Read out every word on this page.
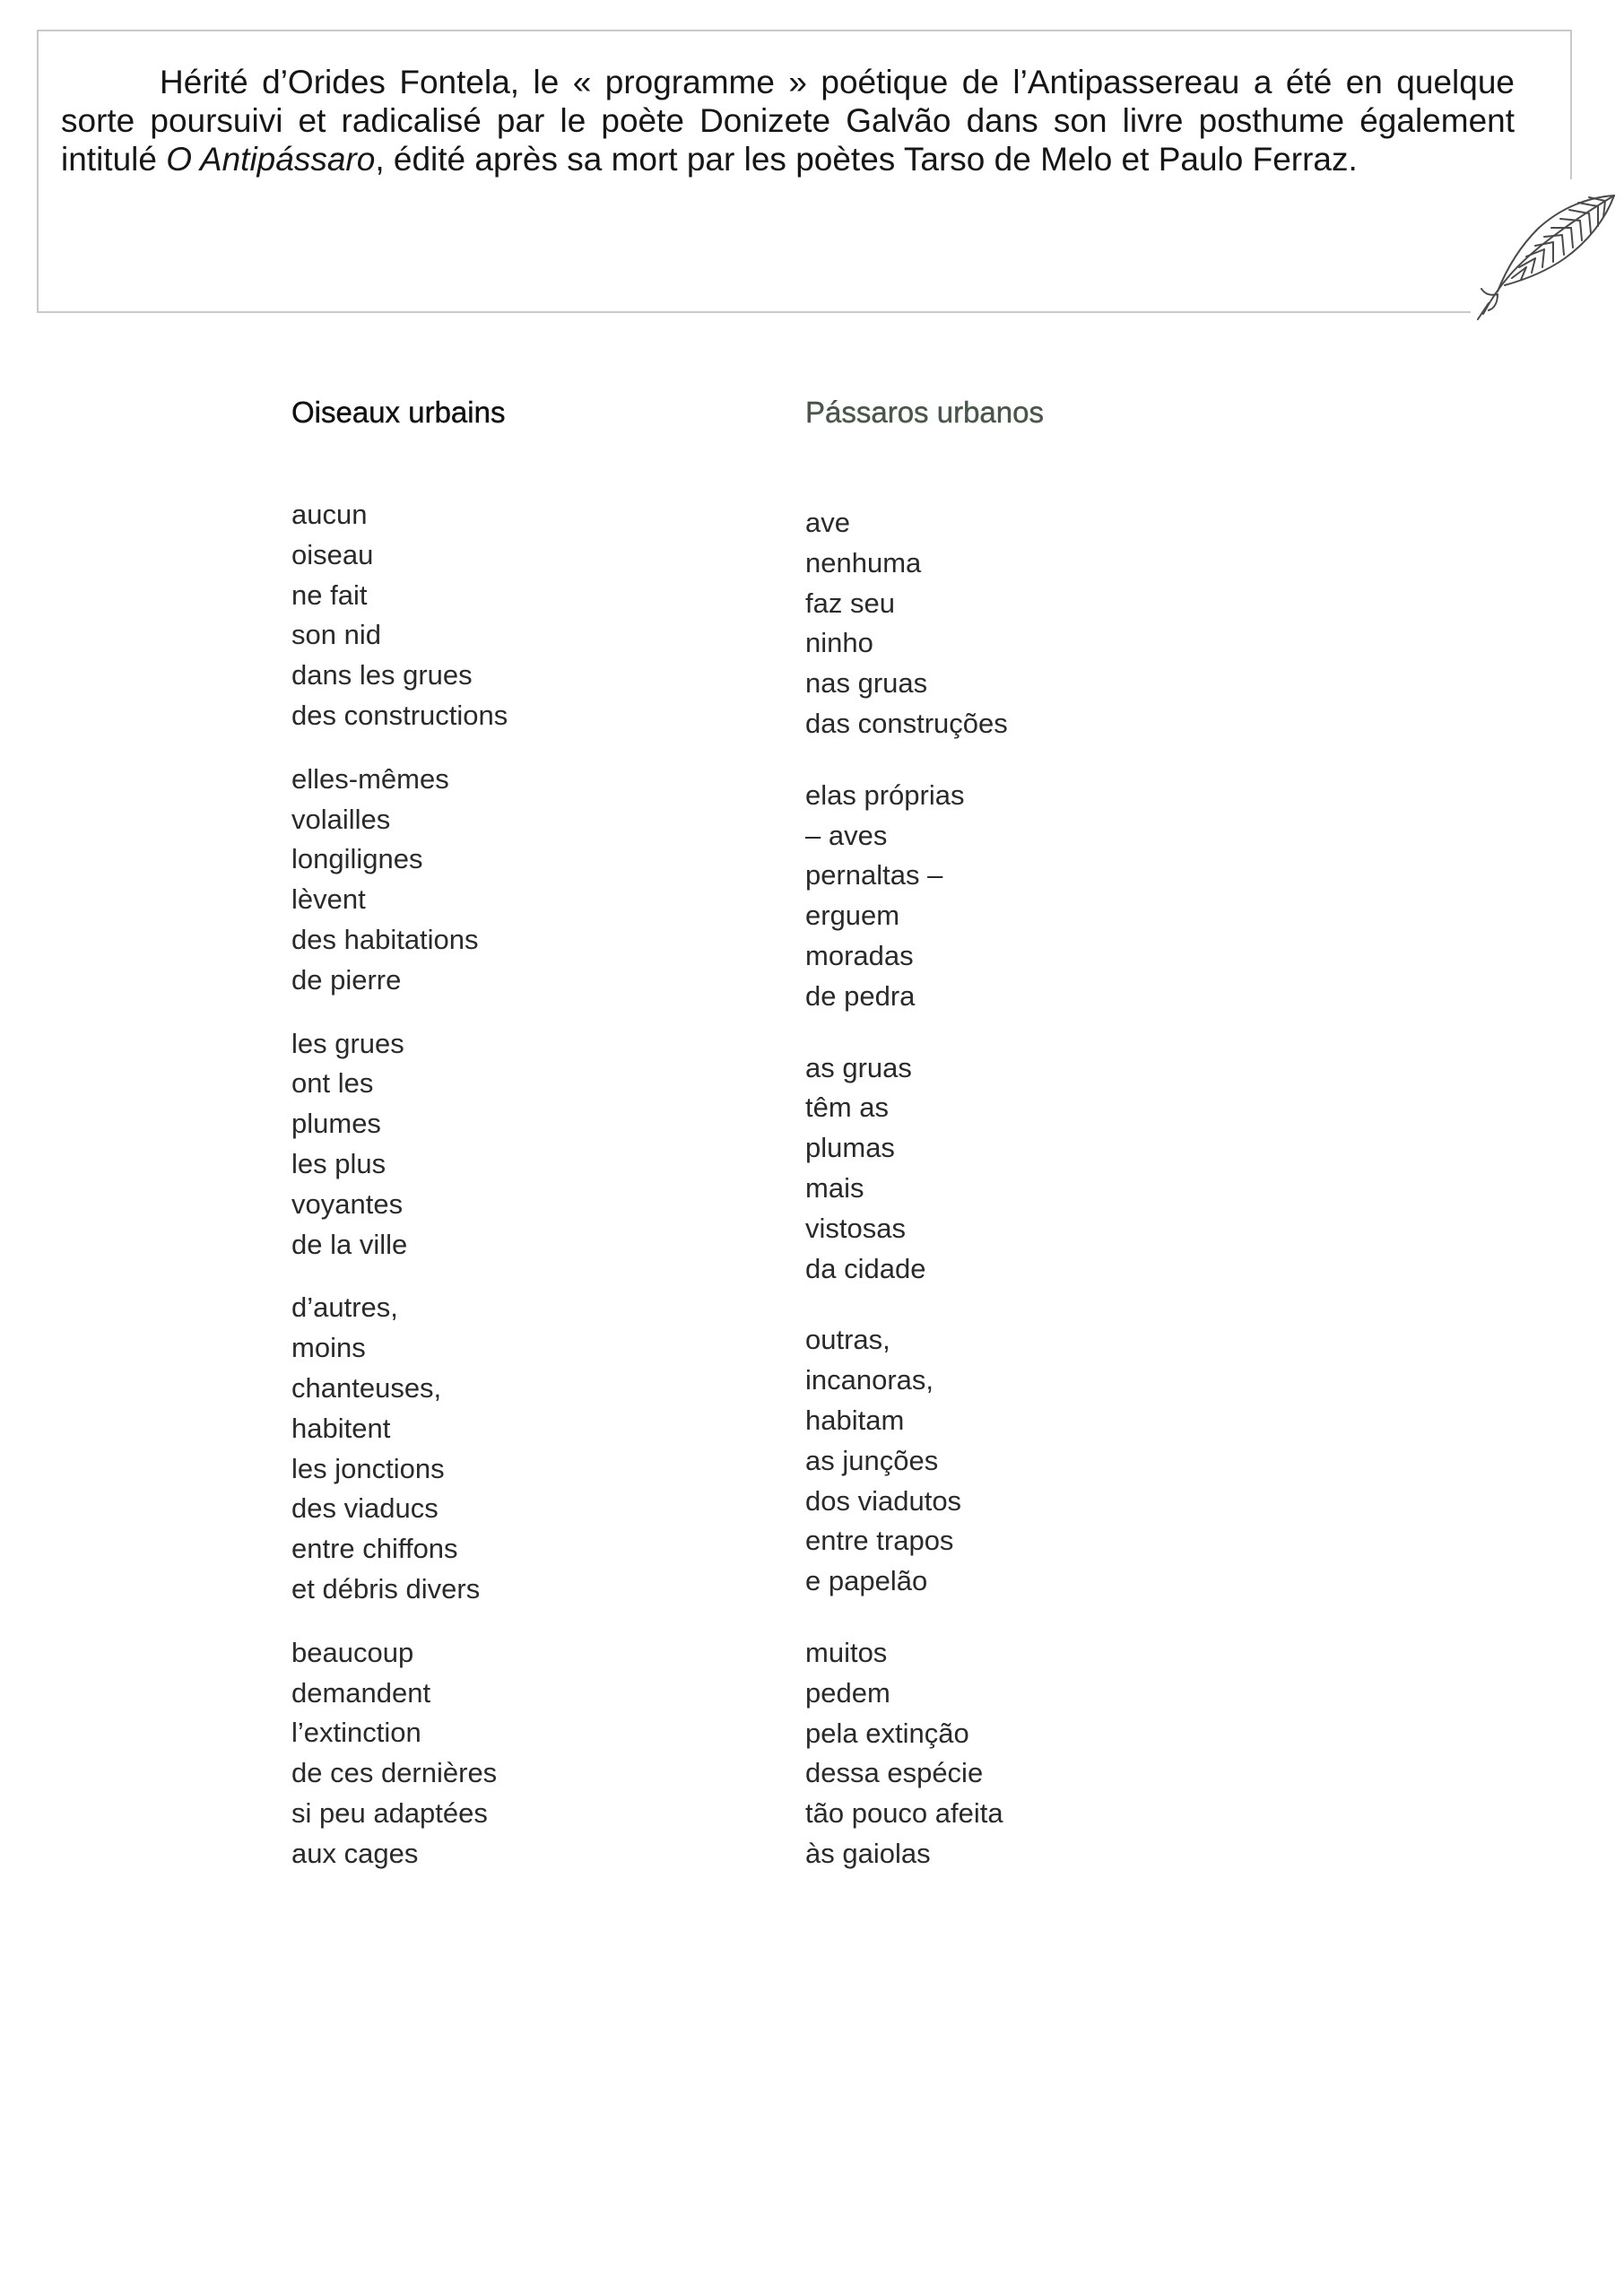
Hérité d’Orides Fontela, le « programme » poétique de l’Antipassereau a été en quelque sorte poursuivi et radicalisé par le poète Donizete Galvão dans son livre posthume également intitulé O Antipássaro, édité après sa mort par les poètes Tarso de Melo et Paulo Ferraz.

Oiseaux urbains
aucun
oiseau
ne fait
son nid
dans les grues
des constructions
elles-mêmes
volailles
longilignes
lèvent
des habitations
de pierre
les grues
ont les
plumes
les plus
voyantes
de la ville
d’autres,
moins
chanteuses,
habitent
les jonctions
des viaducs
entre chiffons
et débris divers
beaucoup
demandent
l’extinction
de ces dernières
si peu adaptées
aux cages
Pássaros urbanos
ave
nenhuma
faz seu
ninho
nas gruas
das construções
elas próprias
– aves
pernaltas –
erguem
moradas
de pedra
as gruas
têm as
plumas
mais
vistosas
da cidade
outras,
incanoras,
habitam
as junções
dos viadutos
entre trapos
e papelão
muitos
pedem
pela extinção
dessa espécie
tão pouco afeita
às gaiolas
